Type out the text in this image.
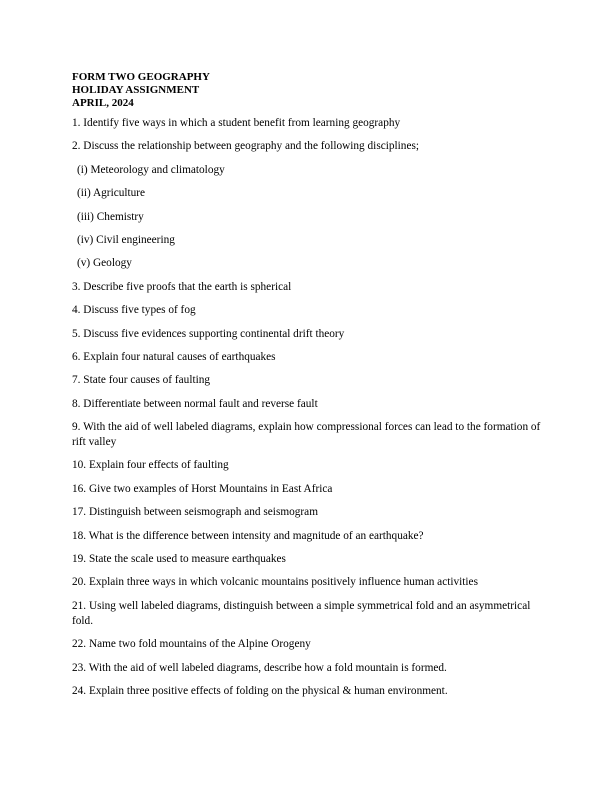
FORM TWO GEOGRAPHY

HOLIDAY ASSIGNMENT

APRIL, 2024

1. Identify five ways in which a student benefit from learning geography

2. Discuss the relationship between geography and the following disciplines;

(i) Meteorology and climatology

(ii) Agriculture

(iii) Chemistry

(iv) Civil engineering

(v) Geology

3. Describe five proofs that the earth is spherical

4. Discuss five types of fog

5. Discuss five evidences supporting continental drift theory

6. Explain four natural causes of earthquakes

7. State four causes of faulting

8. Differentiate between normal fault and reverse fault

9. With the aid of well labeled diagrams, explain how compressional forces can lead to the formation of rift valley

10. Explain four effects of faulting

16. Give two examples of Horst Mountains in East Africa

17. Distinguish between seismograph and seismogram

18. What is the difference between intensity and magnitude of an earthquake?

19. State the scale used to measure earthquakes

20. Explain three ways in which volcanic mountains positively influence human activities

21. Using well labeled diagrams, distinguish between a simple symmetrical fold and an asymmetrical fold.

22. Name two fold mountains of the Alpine Orogeny

23. With the aid of well labeled diagrams, describe how a fold mountain is formed.

24. Explain three positive effects of folding on the physical & human environment.
